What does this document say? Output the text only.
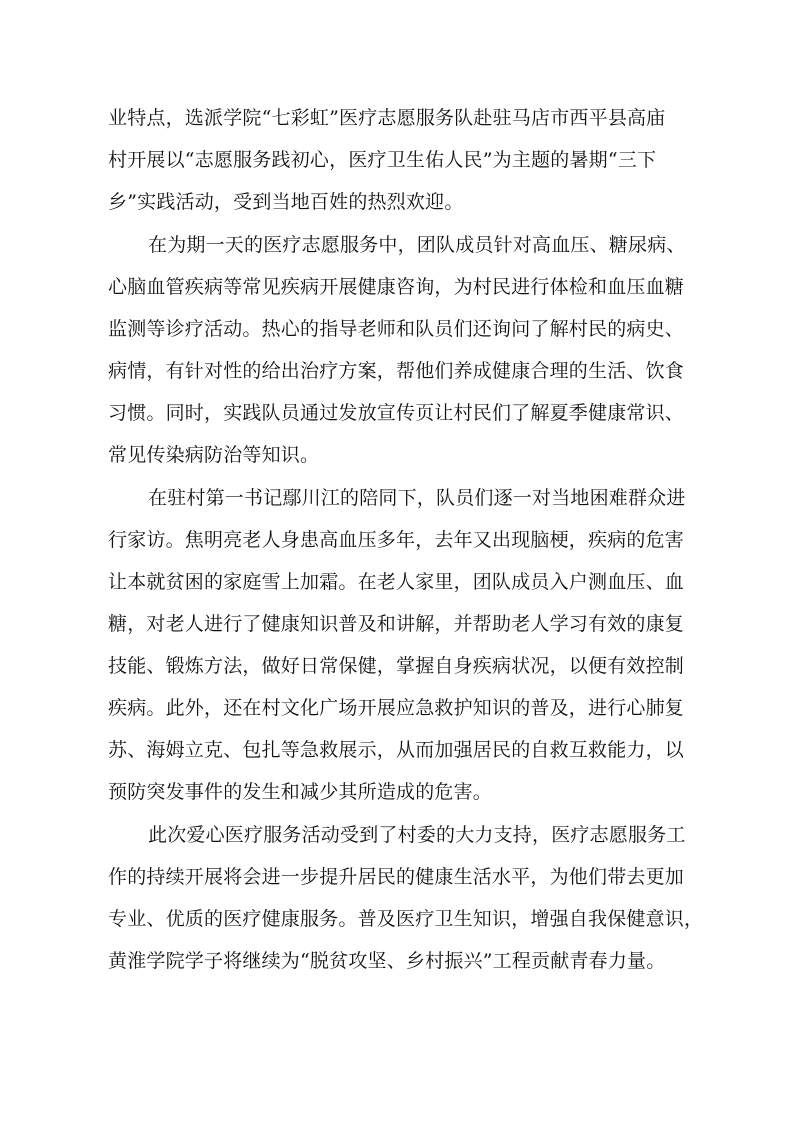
业特点，选派学院“七彩虹”医疗志愿服务队赴驻马店市西平县高庙
村开展以“志愿服务践初心，医疗卫生佑人民”为主题的暑期“三下
乡”实践活动，受到当地百姓的热烈欢迎。
在为期一天的医疗志愿服务中，团队成员针对高血压、糖尿病、
心脑血管疾病等常见疾病开展健康咨询，为村民进行体检和血压血糖
监测等诊疗活动。热心的指导老师和队员们还询问了解村民的病史、
病情，有针对性的给出治疗方案，帮他们养成健康合理的生活、饮食
习惯。同时，实践队员通过发放宣传页让村民们了解夏季健康常识、
常见传染病防治等知识。
在驻村第一书记鄢川江的陪同下，队员们逐一对当地困难群众进
行家访。焦明亮老人身患高血压多年，去年又出现脑梗，疾病的危害
让本就贫困的家庭雪上加霜。在老人家里，团队成员入户测血压、血
糖，对老人进行了健康知识普及和讲解，并帮助老人学习有效的康复
技能、锻炼方法，做好日常保健，掌握自身疾病状况，以便有效控制
疾病。此外，还在村文化广场开展应急救护知识的普及，进行心肺复
苏、海姆立克、包扎等急救展示，从而加强居民的自救互救能力，以
预防突发事件的发生和减少其所造成的危害。
此次爱心医疗服务活动受到了村委的大力支持，医疗志愿服务工
作的持续开展将会进一步提升居民的健康生活水平，为他们带去更加
专业、优质的医疗健康服务。普及医疗卫生知识，增强自我保健意识，
黄淮学院学子将继续为“脱贫攻坚、乡村振兴”工程贡献青春力量。
